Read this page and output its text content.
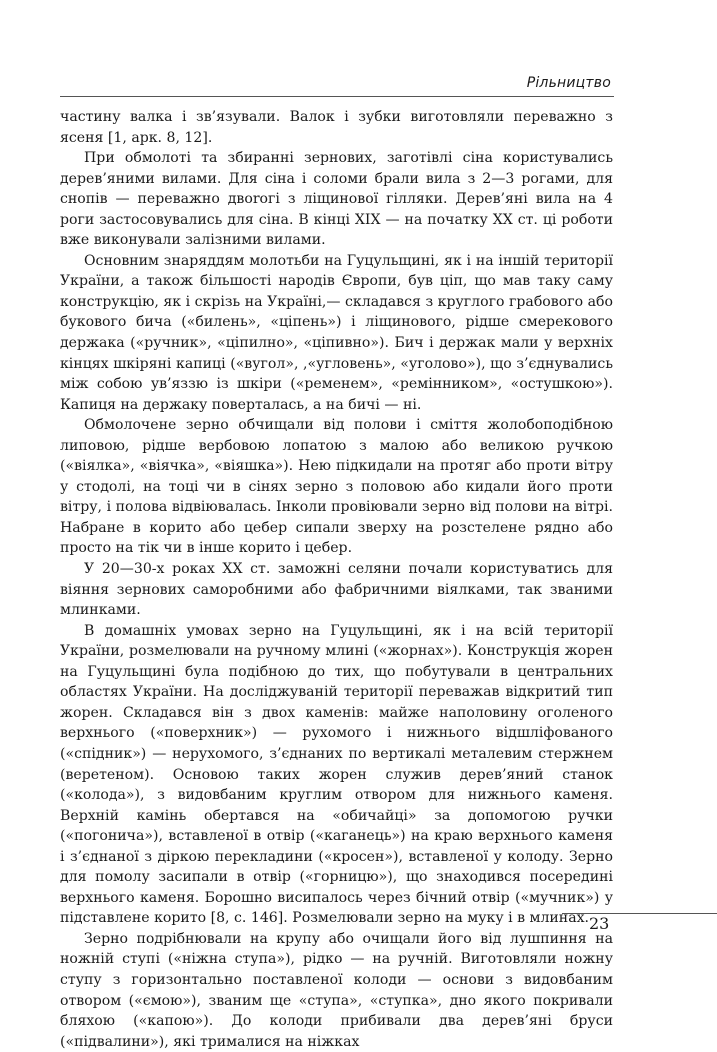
Рільництво

частину валка і зв’язували. Валок і зубки виготовляли переважно з ясеня [1, арк. 8, 12].

При обмолоті та збиранні зернових, заготівлі сіна користувались дерев’яними вилами. Для сіна і соломи брали вила з 2—3 рогами, для снопів — переважно двоrогі з ліщинової гілляки. Дерев’яні вила на 4 роги застосовувались для сіна. В кінці ХІХ — на початку ХХ ст. ці роботи вже виконували залізними вилами.

Основним знаряддям молотьби на Гуцульщині, як і на іншій території України, а також більшості народів Європи, був ціп, що мав таку саму конструкцію, як і скрізь на Україні,— складався з круглого грабового або букового бича («билень», «ціпень») і ліщинового, рідше смерекового держака («ручник», «ціпилно», «ціпивно»). Бич і держак мали у верхніх кінцях шкіряні капиці («вугол», ,«угловень», «уголово»), що з’єднувались між собою ув’яззю із шкіри («ременем», «ремінником», «остушкою»). Капиця на держаку поверталась, а на бичі — ні.

Обмолочене зерно обчищали від полови і сміття жолобоподібною липовою, рідше вербовою лопатою з малою або великою ручкою («віялка», «віячка», «віяшка»). Нею підкидали на протяг або проти вітру у стодолі, на тоці чи в сінях зерно з половою або кидали його проти вітру, і полова відвіювалась. Інколи провіювали зерно від полови на вітрі. Набране в корито або цебер сипали зверху на розстелене рядно або просто на тік чи в інше корито і цебер.

У 20—30-х роках ХХ ст. заможні селяни почали користуватись для віяння зернових саморобними або фабричними віялками, так званими млинками.

В домашніх умовах зерно на Гуцульщині, як і на всій території України, розмелювали на ручному млині («жорнах»). Конструкція жорен на Гуцульщині була подібною до тих, що побутували в центральних областях України. На досліджуваній території переважав відкритий тип жорен. Складався він з двох каменів: майже наполовину оголеного верхнього («поверхник») — рухомого і нижнього відшліфованого («спідник») — нерухомого, з’єднаних по вертикалі металевим стержнем (веретеном). Основою таких жорен служив дерев’яний станок («колода»), з видовбаним круглим отвором для нижнього каменя. Верхній камінь обертався на «обичайці» за допомогою ручки («погонича»), вставленої в отвір («каганець») на краю верхнього каменя і з’єднаної з діркою перекладини («кросен»), вставленої у колоду. Зерно для помолу засипали в отвір («горницю»), що знаходився посередині верхнього каменя. Борошно висипалось через бічний отвір («мучник») у підставлене корито [8, с. 146]. Розмелювали зерно на муку і в млинах.

Зерно подрібнювали на крупу або очищали його від лушпиння на ножній ступі («ніжна ступа»), рідко — на ручній. Виготовляли ножну ступу з горизонтально поставленої колоди — основи з видовбаним отвором («ємою»), званим ще «ступа», «ступка», дно якого покривали бляхою («капою»). До колоди прибивали два дерев’яні бруси («підвалини»), які трималися на ніжках

23
